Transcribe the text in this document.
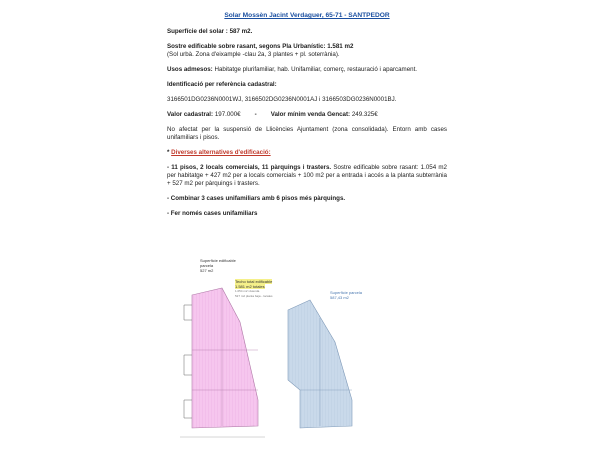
Solar Mossèn Jacint Verdaguer, 65-71 - SANTPEDOR
Superfície del solar : 587 m2.
Sostre edificable sobre rasant, segons Pla Urbanístic: 1.581 m2
(Sol urbà. Zona d'eixample -clau 2a, 3 plantes + pl. soterrània).
Usos admesos: Habitatge plurifamiliar, hab. Unifamiliar, comerç, restauració i aparcament.
Identificació per referència cadastral:
3166501DG0236N0001WJ, 3166502DG0236N0001AJ i 3166503DG0236N0001BJ.
Valor cadastral: 197.000€ - Valor mínim venda Gencat: 249.325€
No afectat per la suspensió de Llicències Ajuntament (zona consolidada). Entorn amb cases unifamiliars i pisos.
* Diverses alternatives d'edificació:
- 11 pisos, 2 locals comercials, 11 pàrquings i trasters. Sostre edificable sobre rasant: 1.054 m2 per habitatge + 427 m2 per a locals comercials + 100 m2 per a entrada i accés a la planta subterrània + 527 m2 per pàrquings i trasters.
- Combinar 3 cases unifamiliars amb 6 pisos més pàrquings.
- Fer només cases unifamiliars
Superficie edificable
parcela
527 m2
Techo total edificable
1.581 m2 totales
1.054 m2 vivienda
527 m2 planta baja - locales
Superficie parcela
587,43 m2
